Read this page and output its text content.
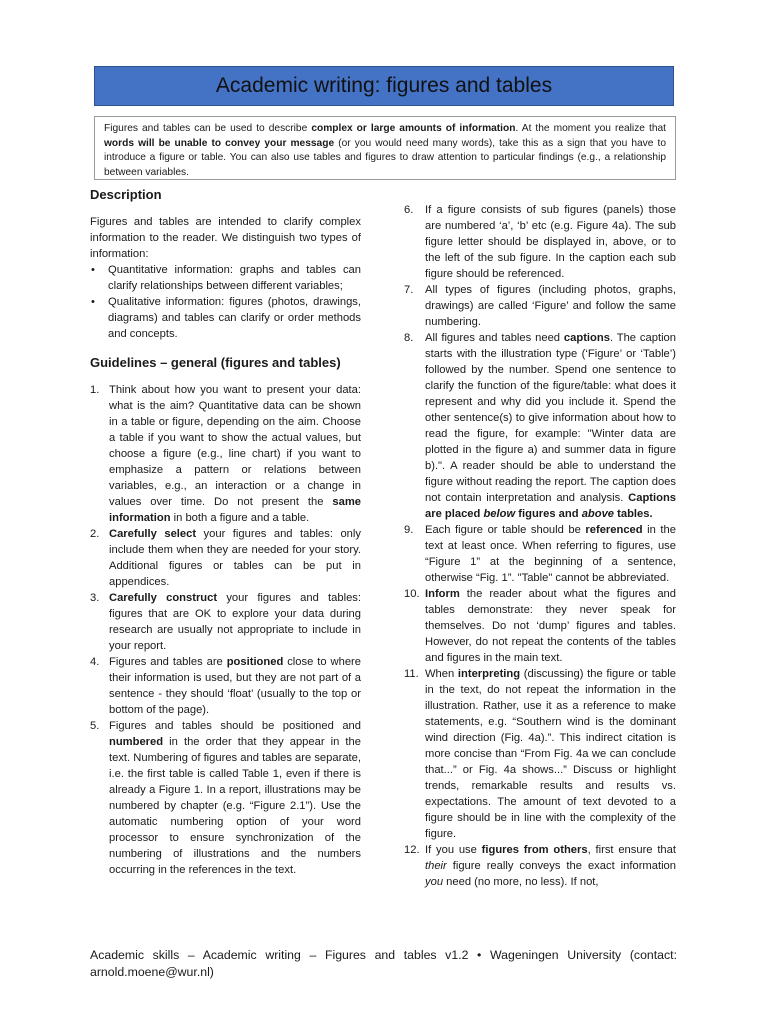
Academic writing: figures and tables
Figures and tables can be used to describe complex or large amounts of information. At the moment you realize that words will be unable to convey your message (or you would need many words), take this as a sign that you have to introduce a figure or table. You can also use tables and figures to draw attention to particular findings (e.g., a relationship between variables.
Description

Figures and tables are intended to clarify complex information to the reader. We distinguish two types of information:

• Quantitative information: graphs and tables can clarify relationships between different variables;
• Qualitative information: figures (photos, drawings, diagrams) and tables can clarify or order methods and concepts.
Guidelines – general (figures and tables)
1. Think about how you want to present your data: what is the aim? Quantitative data can be shown in a table or figure, depending on the aim. Choose a table if you want to show the actual values, but choose a figure (e.g., line chart) if you want to emphasize a pattern or relations between variables, e.g., an interaction or a change in values over time. Do not present the same information in both a figure and a table.
2. Carefully select your figures and tables: only include them when they are needed for your story. Additional figures or tables can be put in appendices.
3. Carefully construct your figures and tables: figures that are OK to explore your data during research are usually not appropriate to include in your report.
4. Figures and tables are positioned close to where their information is used, but they are not part of a sentence - they should ‘float’ (usually to the top or bottom of the page).
5. Figures and tables should be positioned and numbered in the order that they appear in the text. Numbering of figures and tables are separate, i.e. the first table is called Table 1, even if there is already a Figure 1. In a report, illustrations may be numbered by chapter (e.g. “Figure 2.1”). Use the automatic numbering option of your word processor to ensure synchronization of the numbering of illustrations and the numbers occurring in the references in the text.
6. If a figure consists of sub figures (panels) those are numbered ‘a’, ‘b’ etc (e.g. Figure 4a). The sub figure letter should be displayed in, above, or to the left of the sub figure. In the caption each sub figure should be referenced.
7. All types of figures (including photos, graphs, drawings) are called ‘Figure’ and follow the same numbering.
8. All figures and tables need captions. The caption starts with the illustration type (‘Figure’ or ‘Table’) followed by the number. Spend one sentence to clarify the function of the figure/table: what does it represent and why did you include it. Spend the other sentence(s) to give information about how to read the figure, for example: "Winter data are plotted in the figure a) and summer data in figure b).". A reader should be able to understand the figure without reading the report. The caption does not contain interpretation and analysis. Captions are placed below figures and above tables.
9. Each figure or table should be referenced in the text at least once. When referring to figures, use “Figure 1” at the beginning of a sentence, otherwise “Fig. 1”. "Table" cannot be abbreviated.
10. Inform the reader about what the figures and tables demonstrate: they never speak for themselves. Do not ‘dump’ figures and tables. However, do not repeat the contents of the tables and figures in the main text.
11. When interpreting (discussing) the figure or table in the text, do not repeat the information in the illustration. Rather, use it as a reference to make statements, e.g. “Southern wind is the dominant wind direction (Fig. 4a).”. This indirect citation is more concise than “From Fig. 4a we can conclude that...” or Fig. 4a shows...” Discuss or highlight trends, remarkable results and results vs. expectations. The amount of text devoted to a figure should be in line with the complexity of the figure.
12. If you use figures from others, first ensure that their figure really conveys the exact information you need (no more, no less). If not,
Academic skills – Academic writing – Figures and tables v1.2 • Wageningen University (contact: arnold.moene@wur.nl)
